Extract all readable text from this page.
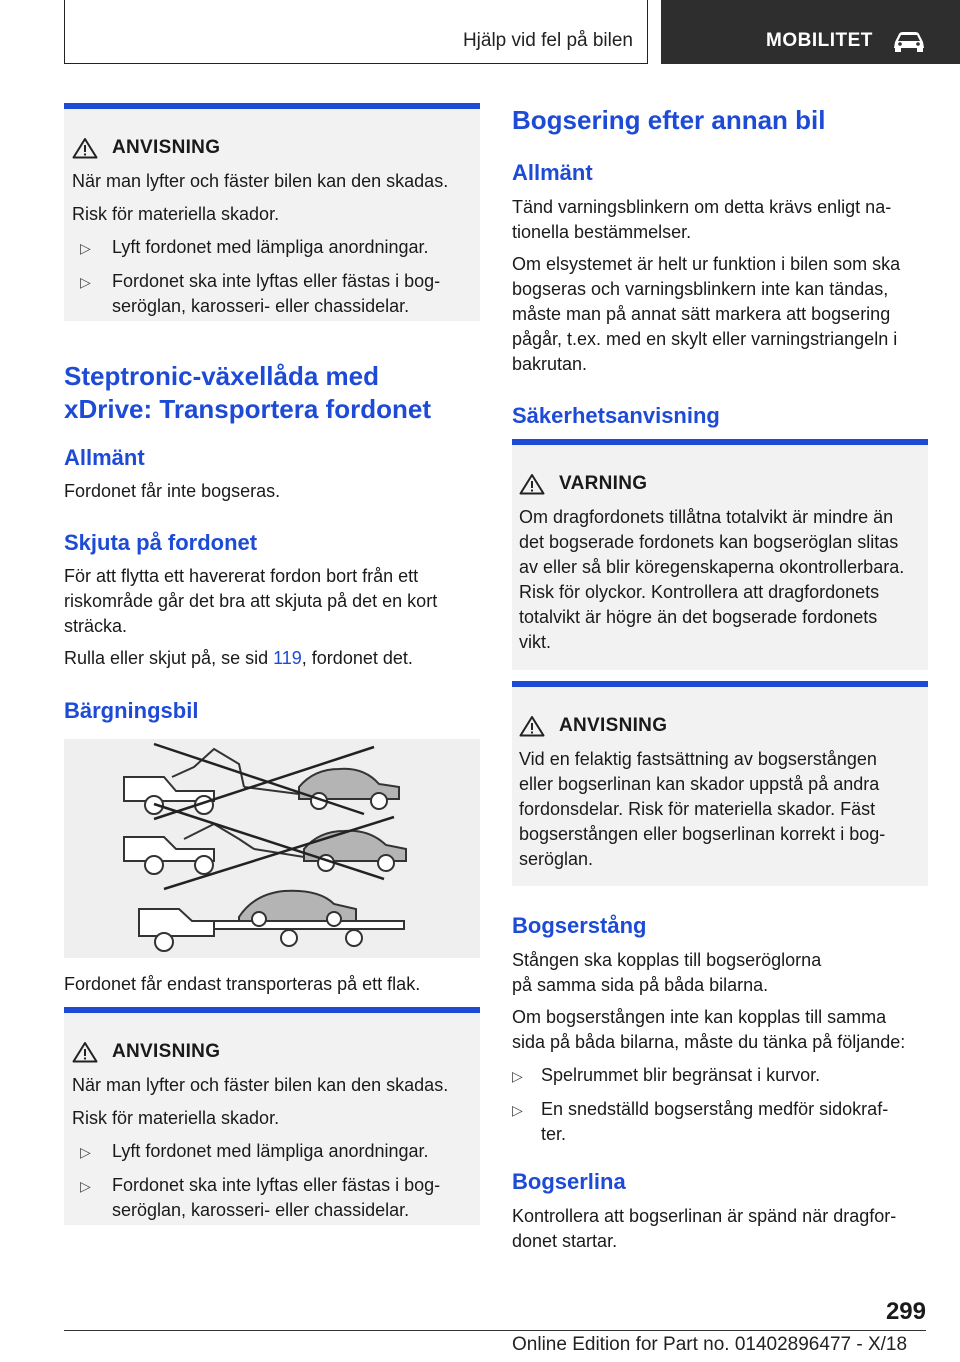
Hjälp vid fel på bilen	MOBILITET
ANVISNING

När man lyfter och fäster bilen kan den skadas.

Risk för materiella skador.

▷	Lyft fordonet med lämpliga anordningar.
▷	Fordonet ska inte lyftas eller fästas i bog-
seröglan, karosseri- eller chassidelar.
Steptronic-växellåda med
xDrive: Transportera fordonet
Allmänt
Fordonet får inte bogseras.
Skjuta på fordonet
För att flytta ett havererat fordon bort från ett
riskområde går det bra att skjuta på det en kort
sträcka.
Rulla eller skjut på, se sid 119, fordonet det.
Bärgningsbil
Fordonet får endast transporteras på ett flak.
ANVISNING

När man lyfter och fäster bilen kan den skadas.

Risk för materiella skador.

▷	Lyft fordonet med lämpliga anordningar.
▷	Fordonet ska inte lyftas eller fästas i bog-
seröglan, karosseri- eller chassidelar.
Bogsering efter annan bil
Allmänt
Tänd varningsblinkern om detta krävs enligt na-
tionella bestämmelser.
Om elsystemet är helt ur funktion i bilen som ska
bogseras och varningsblinkern inte kan tändas,
måste man på annat sätt markera att bogsering
pågår, t.ex. med en skylt eller varningstriangeln i
bakrutan.
Säkerhetsanvisning
VARNING
Om dragfordonets tillåtna totalvikt är mindre än
det bogserade fordonets kan bogseröglan slitas
av eller så blir köregenskaperna okontrollerbara.
Risk för olyckor. Kontrollera att dragfordonets
totalvikt är högre än det bogserade fordonets
vikt.
ANVISNING
Vid en felaktig fastsättning av bogserstången
eller bogserlinan kan skador uppstå på andra
fordonsdelar. Risk för materiella skador. Fäst
bogserstången eller bogserlinan korrekt i bog-
seröglan.
Bogserstång
Stången ska kopplas till bogseröglorna
på samma sida på båda bilarna.
Om bogserstången inte kan kopplas till samma
sida på båda bilarna, måste du tänka på följande:
▷	Spelrummet blir begränsat i kurvor.
▷	En snedställd bogserstång medför sidokraf-
ter.
Bogserlina
Kontrollera att bogserlinan är spänd när dragfor-
donet startar.
299
Online Edition for Part no. 01402896477 - X/18
